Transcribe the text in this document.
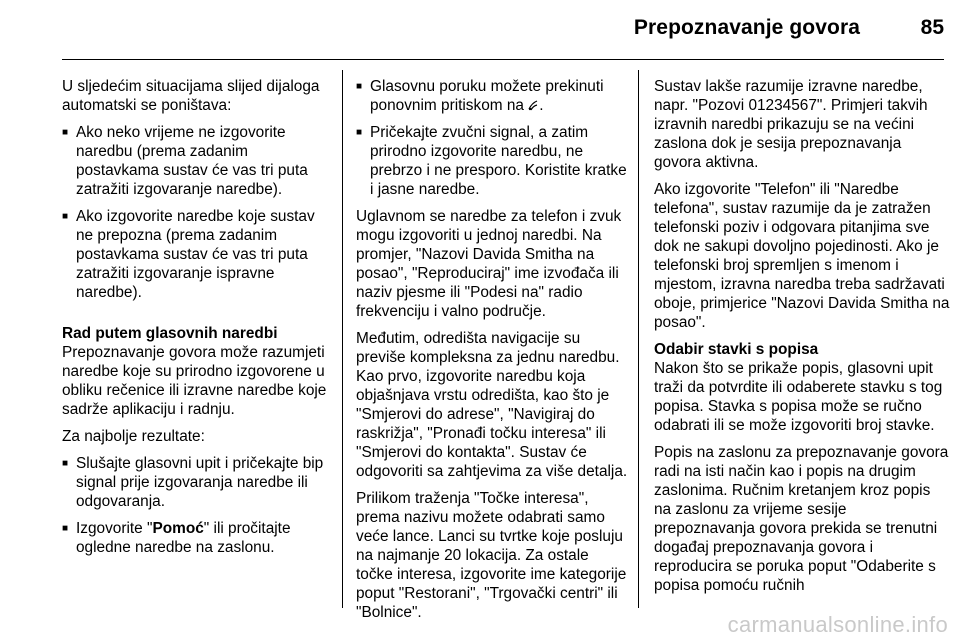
Prepoznavanje govora	85

U sljedećim situacijama slijed dijaloga automatski se poništava:

■ Ako neko vrijeme ne izgovorite naredbu (prema zadanim postavkama sustav će vas tri puta zatražiti izgovaranje naredbe).
■ Ako izgovorite naredbe koje sustav ne prepozna (prema zadanim postavkama sustav će vas tri puta zatražiti izgovaranje ispravne naredbe).
Rad putem glasovnih naredbi

Prepoznavanje govora može razumjeti naredbe koje su prirodno izgovorene u obliku rečenice ili izravne naredbe koje sadrže aplikaciju i radnju.

Za najbolje rezultate:

■ Slušajte glasovni upit i pričekajte bip signal prije izgovaranja naredbe ili odgovaranja.
■ Izgovorite "Pomoć" ili pročitajte ogledne naredbe na zaslonu.
■ Glasovnu poruku možete prekinuti ponovnim pritiskom na .
■ Pričekajte zvučni signal, a zatim prirodno izgovorite naredbu, ne prebrzo i ne presporo. Koristite kratke i jasne naredbe.

Uglavnom se naredbe za telefon i zvuk mogu izgovoriti u jednoj naredbi. Na promjer, "Nazovi Davida Smitha na posao", "Reproduciraj" ime izvođača ili naziv pjesme ili "Podesi na" radio frekvenciju i valno područje.

Međutim, odredišta navigacije su previše kompleksna za jednu naredbu. Kao prvo, izgovorite naredbu koja objašnjava vrstu odredišta, kao što je "Smjerovi do adrese", "Navigiraj do raskrižja", "Pronađi točku interesa" ili "Smjerovi do kontakta". Sustav će odgovoriti sa zahtjevima za više detalja.

Prilikom traženja "Točke interesa", prema nazivu možete odabrati samo veće lance. Lanci su tvrtke koje posluju na najmanje 20 lokacija. Za ostale točke interesa, izgovorite ime kategorije poput "Restorani", "Trgovački centri" ili "Bolnice".

Sustav lakše razumije izravne naredbe, napr. "Pozovi 01234567". Primjeri takvih izravnih naredbi prikazuju se na većini zaslona dok je sesija prepoznavanja govora aktivna.

Ako izgovorite "Telefon" ili "Naredbe telefona", sustav razumije da je zatražen telefonski poziv i odgovara pitanjima sve dok ne sakupi dovoljno pojedinosti. Ako je telefonski broj spremljen s imenom i mjestom, izravna naredba treba sadržavati oboje, primjerice "Nazovi Davida Smitha na posao".

Odabir stavki s popisa

Nakon što se prikaže popis, glasovni upit traži da potvrdite ili odaberete stavku s tog popisa. Stavka s popisa može se ručno odabrati ili se može izgovoriti broj stavke.

Popis na zaslonu za prepoznavanje govora radi na isti način kao i popis na drugim zaslonima. Ručnim kretanjem kroz popis na zaslonu za vrijeme sesije prepoznavanja govora prekida se trenutni događaj prepoznavanja govora i reproducira se poruka poput "Odaberite s popisa pomoću ručnih

carmanualsonline.info
